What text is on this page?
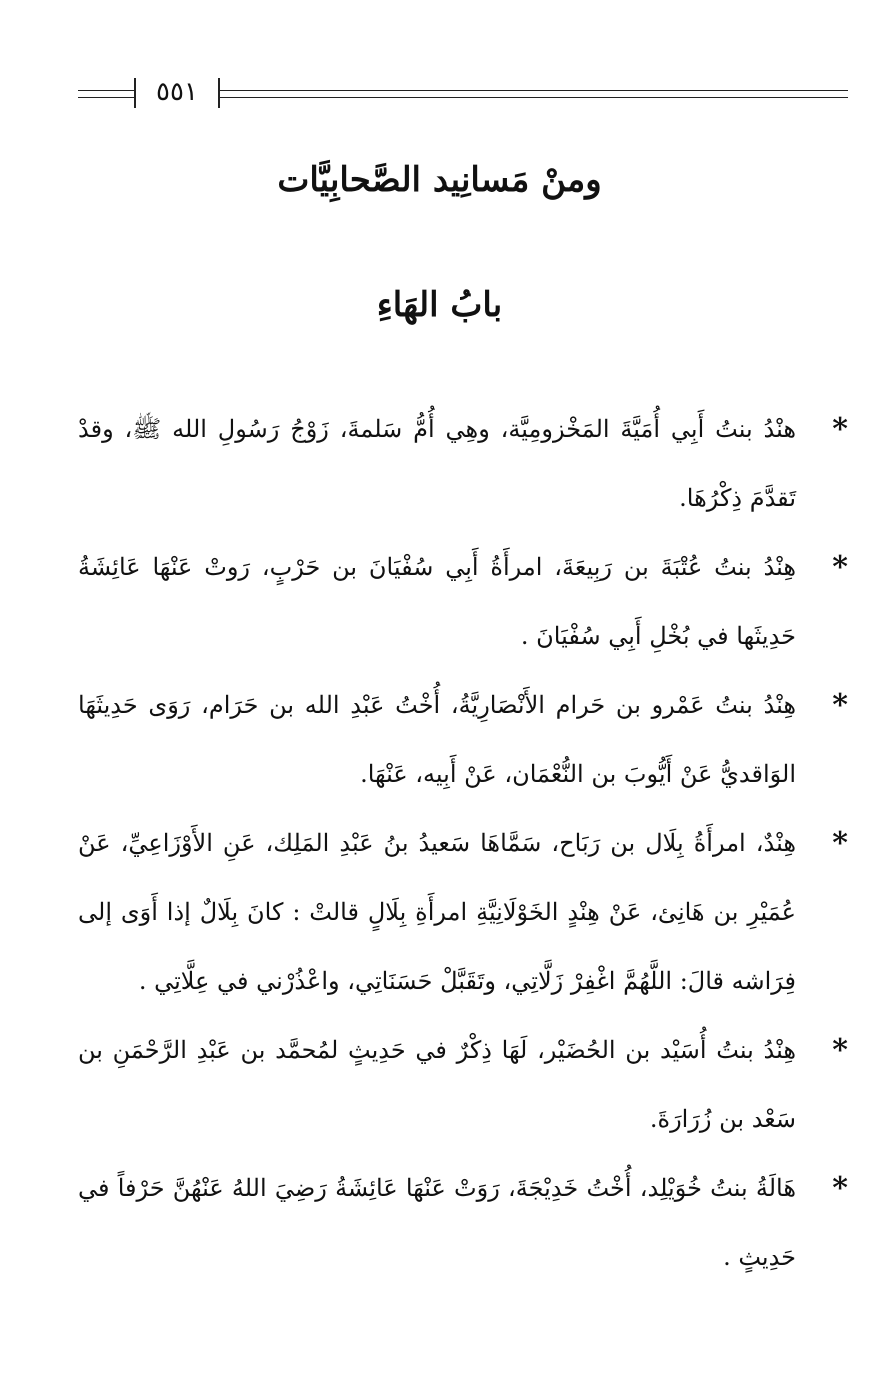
٥٥١
ومنْ مَسانِيد الصَّحابِيَّات
بابُ الهَاءِ

*
هنْدُ بنتُ أَبِي أُمَيَّةَ المَخْزومِيَّة، وهِي أُمُّ سَلمةَ، زَوْجُ رَسُولِ الله ﷺ، وقدْ تَقدَّمَ ذِكْرُهَا.

*
هِنْدُ بنتُ عُتْبَةَ بن رَبِيعَةَ، امرأَةُ أَبِي سُفْيَانَ بن حَرْبٍ، رَوتْ عَنْهَا عَائِشَةُ حَدِيثَها في بُخْلِ أَبِي سُفْيَانَ .

*
هِنْدُ بنتُ عَمْرو بن حَرام الأَنْصَارِيَّةُ، أُخْتُ عَبْدِ الله بن حَرَام، رَوَى حَدِيثَهَا الوَاقديُّ عَنْ أَيُّوبَ بن النُّعْمَان، عَنْ أَبِيه، عَنْهَا.

*
هِنْدٌ، امرأَةُ بِلَال بن رَبَاح، سَمَّاهَا سَعيدُ بنُ عَبْدِ المَلِك، عَنِ الأَوْزَاعِيِّ، عَنْ عُمَيْرِ بن هَانِئ، عَنْ هِنْدٍ الخَوْلَانِيَّةِ امرأَةِ بِلَالٍ قالتْ : كانَ بِلَالٌ إذا أَوَى إلى فِرَاشه قالَ: اللَّهُمَّ اغْفِرْ زَلَّاتِي، وتَقَبَّلْ حَسَنَاتِي، واعْذُرْني في عِلَّاتِي .

*
هِنْدُ بنتُ أُسَيْد بن الحُضَيْر، لَهَا ذِكْرٌ في حَدِيثٍ لمُحمَّد بن عَبْدِ الرَّحْمَنِ بن سَعْد بن زُرَارَةَ.

*
هَالَةُ بنتُ خُوَيْلِد، أُخْتُ خَدِيْجَةَ، رَوَتْ عَنْهَا عَائِشَةُ رَضِيَ اللهُ عَنْهُنَّ حَرْفاً في حَدِيثٍ .
